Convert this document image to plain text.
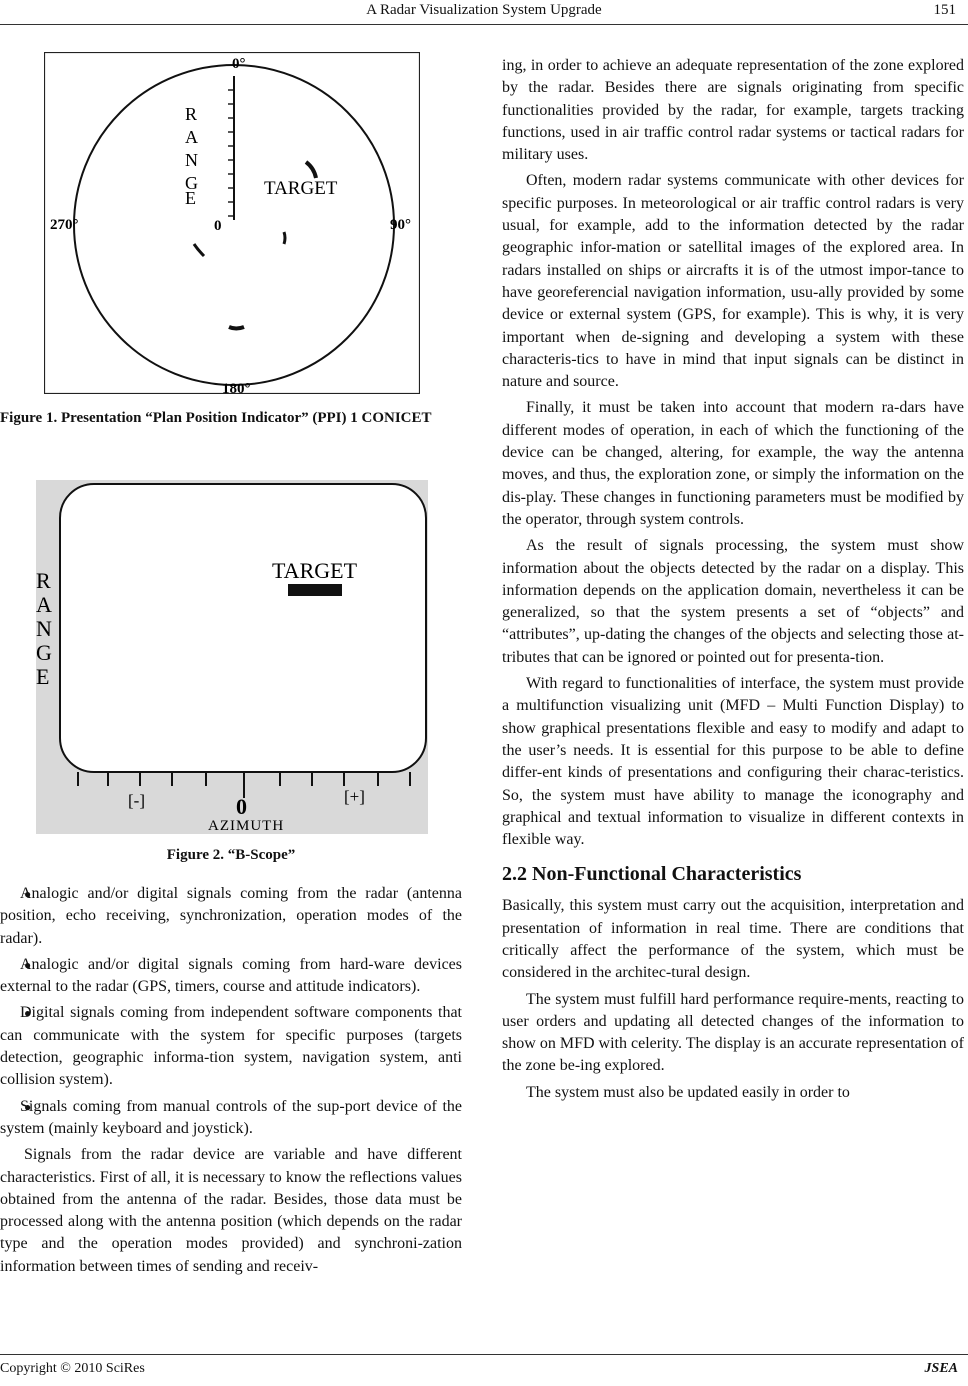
A Radar Visualization System Upgrade	151
0°
90°
180°
270°
R
A
N
G
E
0
TARGET
Figure 1. Presentation “Plan Position Indicator” (PPI) 1 CONICET
R
A
N
G
E
TARGET
[-]	0	[+]
AZIMUTH
Figure 2. “B-Scope”

● Analogic and/or digital signals coming from the radar (antenna position, echo receiving, synchronization, operation modes of the radar).

● Analogic and/or digital signals coming from hard-ware devices external to the radar (GPS, timers, course and attitude indicators).

● Digital signals coming from independent software components that can communicate with the system for specific purposes (targets detection, geographic informa-tion system, navigation system, anti collision system).

● Signals coming from manual controls of the sup-port device of the system (mainly keyboard and joystick).

Signals from the radar device are variable and have different characteristics. First of all, it is necessary to know the reflections values obtained from the antenna of the radar. Besides, those data must be processed along with the antenna position (which depends on the radar type and the operation modes provided) and synchroni-zation information between times of sending and receiv-

ing, in order to achieve an adequate representation of the zone explored by the radar. Besides there are signals originating from specific functionalities provided by the radar, for example, targets tracking functions, used in air traffic control radar systems or tactical radars for military uses.

Often, modern radar systems communicate with other devices for specific purposes. In meteorological or air traffic control radars is very usual, for example, add to the information detected by the radar geographic infor-mation or satellital images of the explored area. In radars installed on ships or aircrafts it is of the utmost impor-tance to have georeferencial navigation information, usu-ally provided by some device or external system (GPS, for example). This is why, it is very important when de-signing and developing a system with these characteris-tics to have in mind that input signals can be distinct in nature and source.

Finally, it must be taken into account that modern ra-dars have different modes of operation, in each of which the functioning of the device can be changed, altering, for example, the way the antenna moves, and thus, the exploration zone, or simply the information on the dis-play. These changes in functioning parameters must be modified by the operator, through system controls.

As the result of signals processing, the system must show information about the objects detected by the radar on a display. This information depends on the application domain, nevertheless it can be generalized, so that the system presents a set of “objects” and “attributes”, up-dating the changes of the objects and selecting those at-tributes that can be ignored or pointed out for presenta-tion.

With regard to functionalities of interface, the system must provide a multifunction visualizing unit (MFD – Multi Function Display) to show graphical presentations flexible and easy to modify and adapt to the user’s needs. It is essential for this purpose to be able to define differ-ent kinds of presentations and configuring their charac-teristics. So, the system must have ability to manage the iconography and graphical and textual information to visualize in different contexts in flexible way.

2.2 Non-Functional Characteristics

Basically, this system must carry out the acquisition, interpretation and presentation of information in real time. There are conditions that critically affect the performance of the system, which must be considered in the architec-tural design.

The system must fulfill hard performance require-ments, reacting to user orders and updating all detected changes of the information to show on MFD with celerity. The display is an accurate representation of the zone be-ing explored.

The system must also be updated easily in order to

Copyright © 2010 SciRes	JSEA
